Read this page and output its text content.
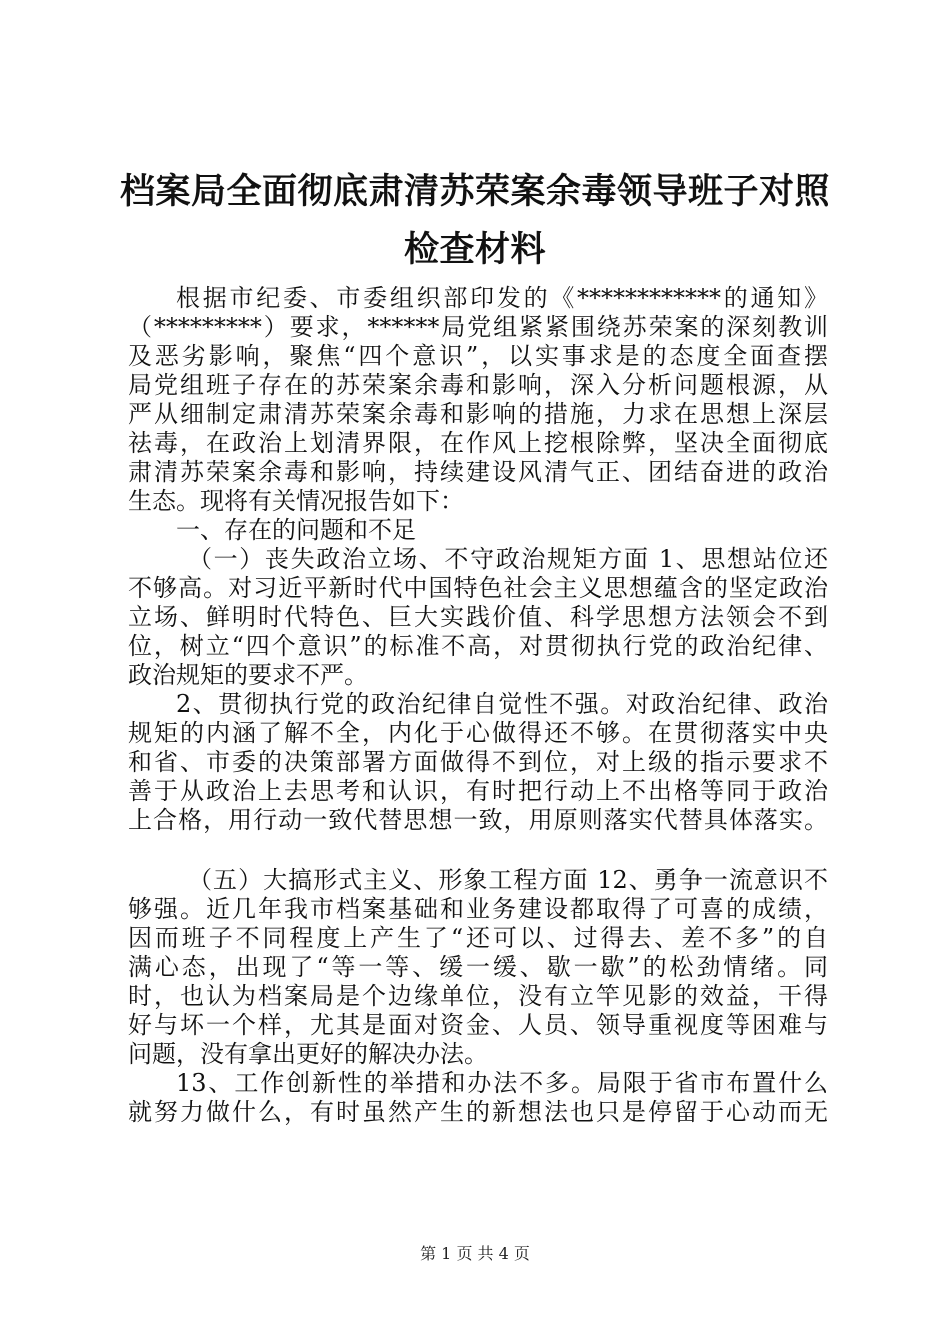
档案局全面彻底肃清苏荣案余毒领导班子对照
检查材料

根据市纪委、市委组织部印发的《************的通知》

（*********）要求，******局党组紧紧围绕苏荣案的深刻教训

及恶劣影响，聚焦“四个意识”，以实事求是的态度全面查摆

局党组班子存在的苏荣案余毒和影响，深入分析问题根源，从

严从细制定肃清苏荣案余毒和影响的措施，力求在思想上深层

祛毒，在政治上划清界限，在作风上挖根除弊，坚决全面彻底

肃清苏荣案余毒和影响，持续建设风清气正、团结奋进的政治

生态。现将有关情况报告如下：

一、存在的问题和不足

（一）丧失政治立场、不守政治规矩方面 1、思想站位还

不够高。对习近平新时代中国特色社会主义思想蕴含的坚定政治

立场、鲜明时代特色、巨大实践价值、科学思想方法领会不到

位，树立“四个意识”的标准不高，对贯彻执行党的政治纪律、

政治规矩的要求不严。

2、贯彻执行党的政治纪律自觉性不强。对政治纪律、政治

规矩的内涵了解不全，内化于心做得还不够。在贯彻落实中央

和省、市委的决策部署方面做得不到位，对上级的指示要求不

善于从政治上去思考和认识，有时把行动上不出格等同于政治

上合格，用行动一致代替思想一致，用原则落实代替具体落实。

（五）大搞形式主义、形象工程方面 12、勇争一流意识不

够强。近几年我市档案基础和业务建设都取得了可喜的成绩，

因而班子不同程度上产生了“还可以、过得去、差不多”的自

满心态，出现了“等一等、缓一缓、歇一歇”的松劲情绪。同

时，也认为档案局是个边缘单位，没有立竿见影的效益，干得

好与坏一个样，尤其是面对资金、人员、领导重视度等困难与

问题，没有拿出更好的解决办法。

13、工作创新性的举措和办法不多。局限于省市布置什么

就努力做什么，有时虽然产生的新想法也只是停留于心动而无

第 1 页 共 4 页
